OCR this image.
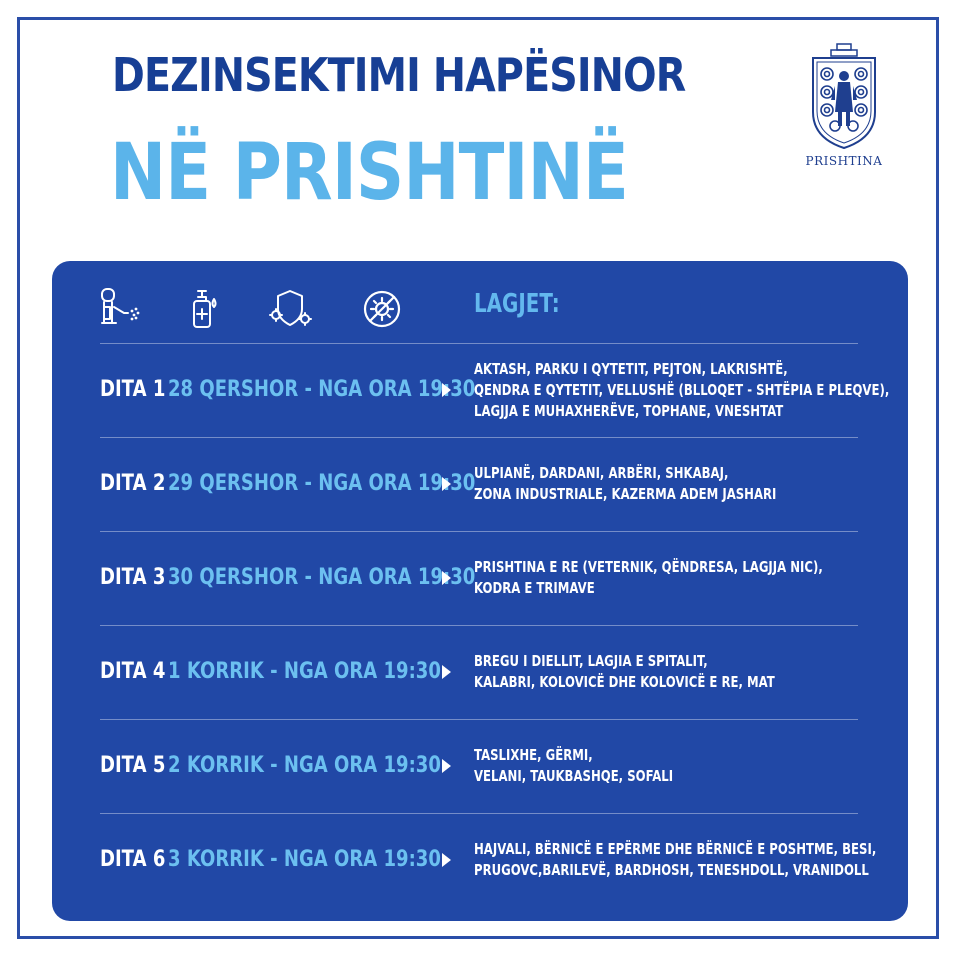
DEZINSEKTIMI HAPËSINOR
NË PRISHTINË	PRISHTINA
LAGJET:
DITA 1 28 QERSHOR - NGA ORA 19:30
AKTASH, PARKU I QYTETIT, PEJTON, LAKRISHTË,
QENDRA E QYTETIT, VELLUSHË (BLLOQET - SHTËPIA E PLEQVE),
LAGJJA E MUHAXHERËVE, TOPHANE, VNESHTAT
DITA 2 29 QERSHOR - NGA ORA 19:30
ULPIANË, DARDANI, ARBËRI, SHKABAJ,
ZONA INDUSTRIALE, KAZERMA ADEM JASHARI
DITA 3 30 QERSHOR - NGA ORA 19:30
PRISHTINA E RE (VETERNIK, QËNDRESA, LAGJJA NIC),
KODRA E TRIMAVE
DITA 4 1 KORRIK - NGA ORA 19:30 BREGU I DIELLIT, LAGJIA E SPITALIT,
KALABRI, KOLOVICË DHE KOLOVICË E RE, MAT
DITA 5 2 KORRIK - NGA ORA 19:30 TASLIXHE, GËRMI,
VELANI, TAUKBASHQE, SOFALI
DITA 6 3 KORRIK - NGA ORA 19:30 HAJVALI, BËRNICË E EPËRME DHE BËRNICË E POSHTME, BESI,
PRUGOVC,BARILEVË, BARDHOSH, TENESHDOLL, VRANIDOLL
